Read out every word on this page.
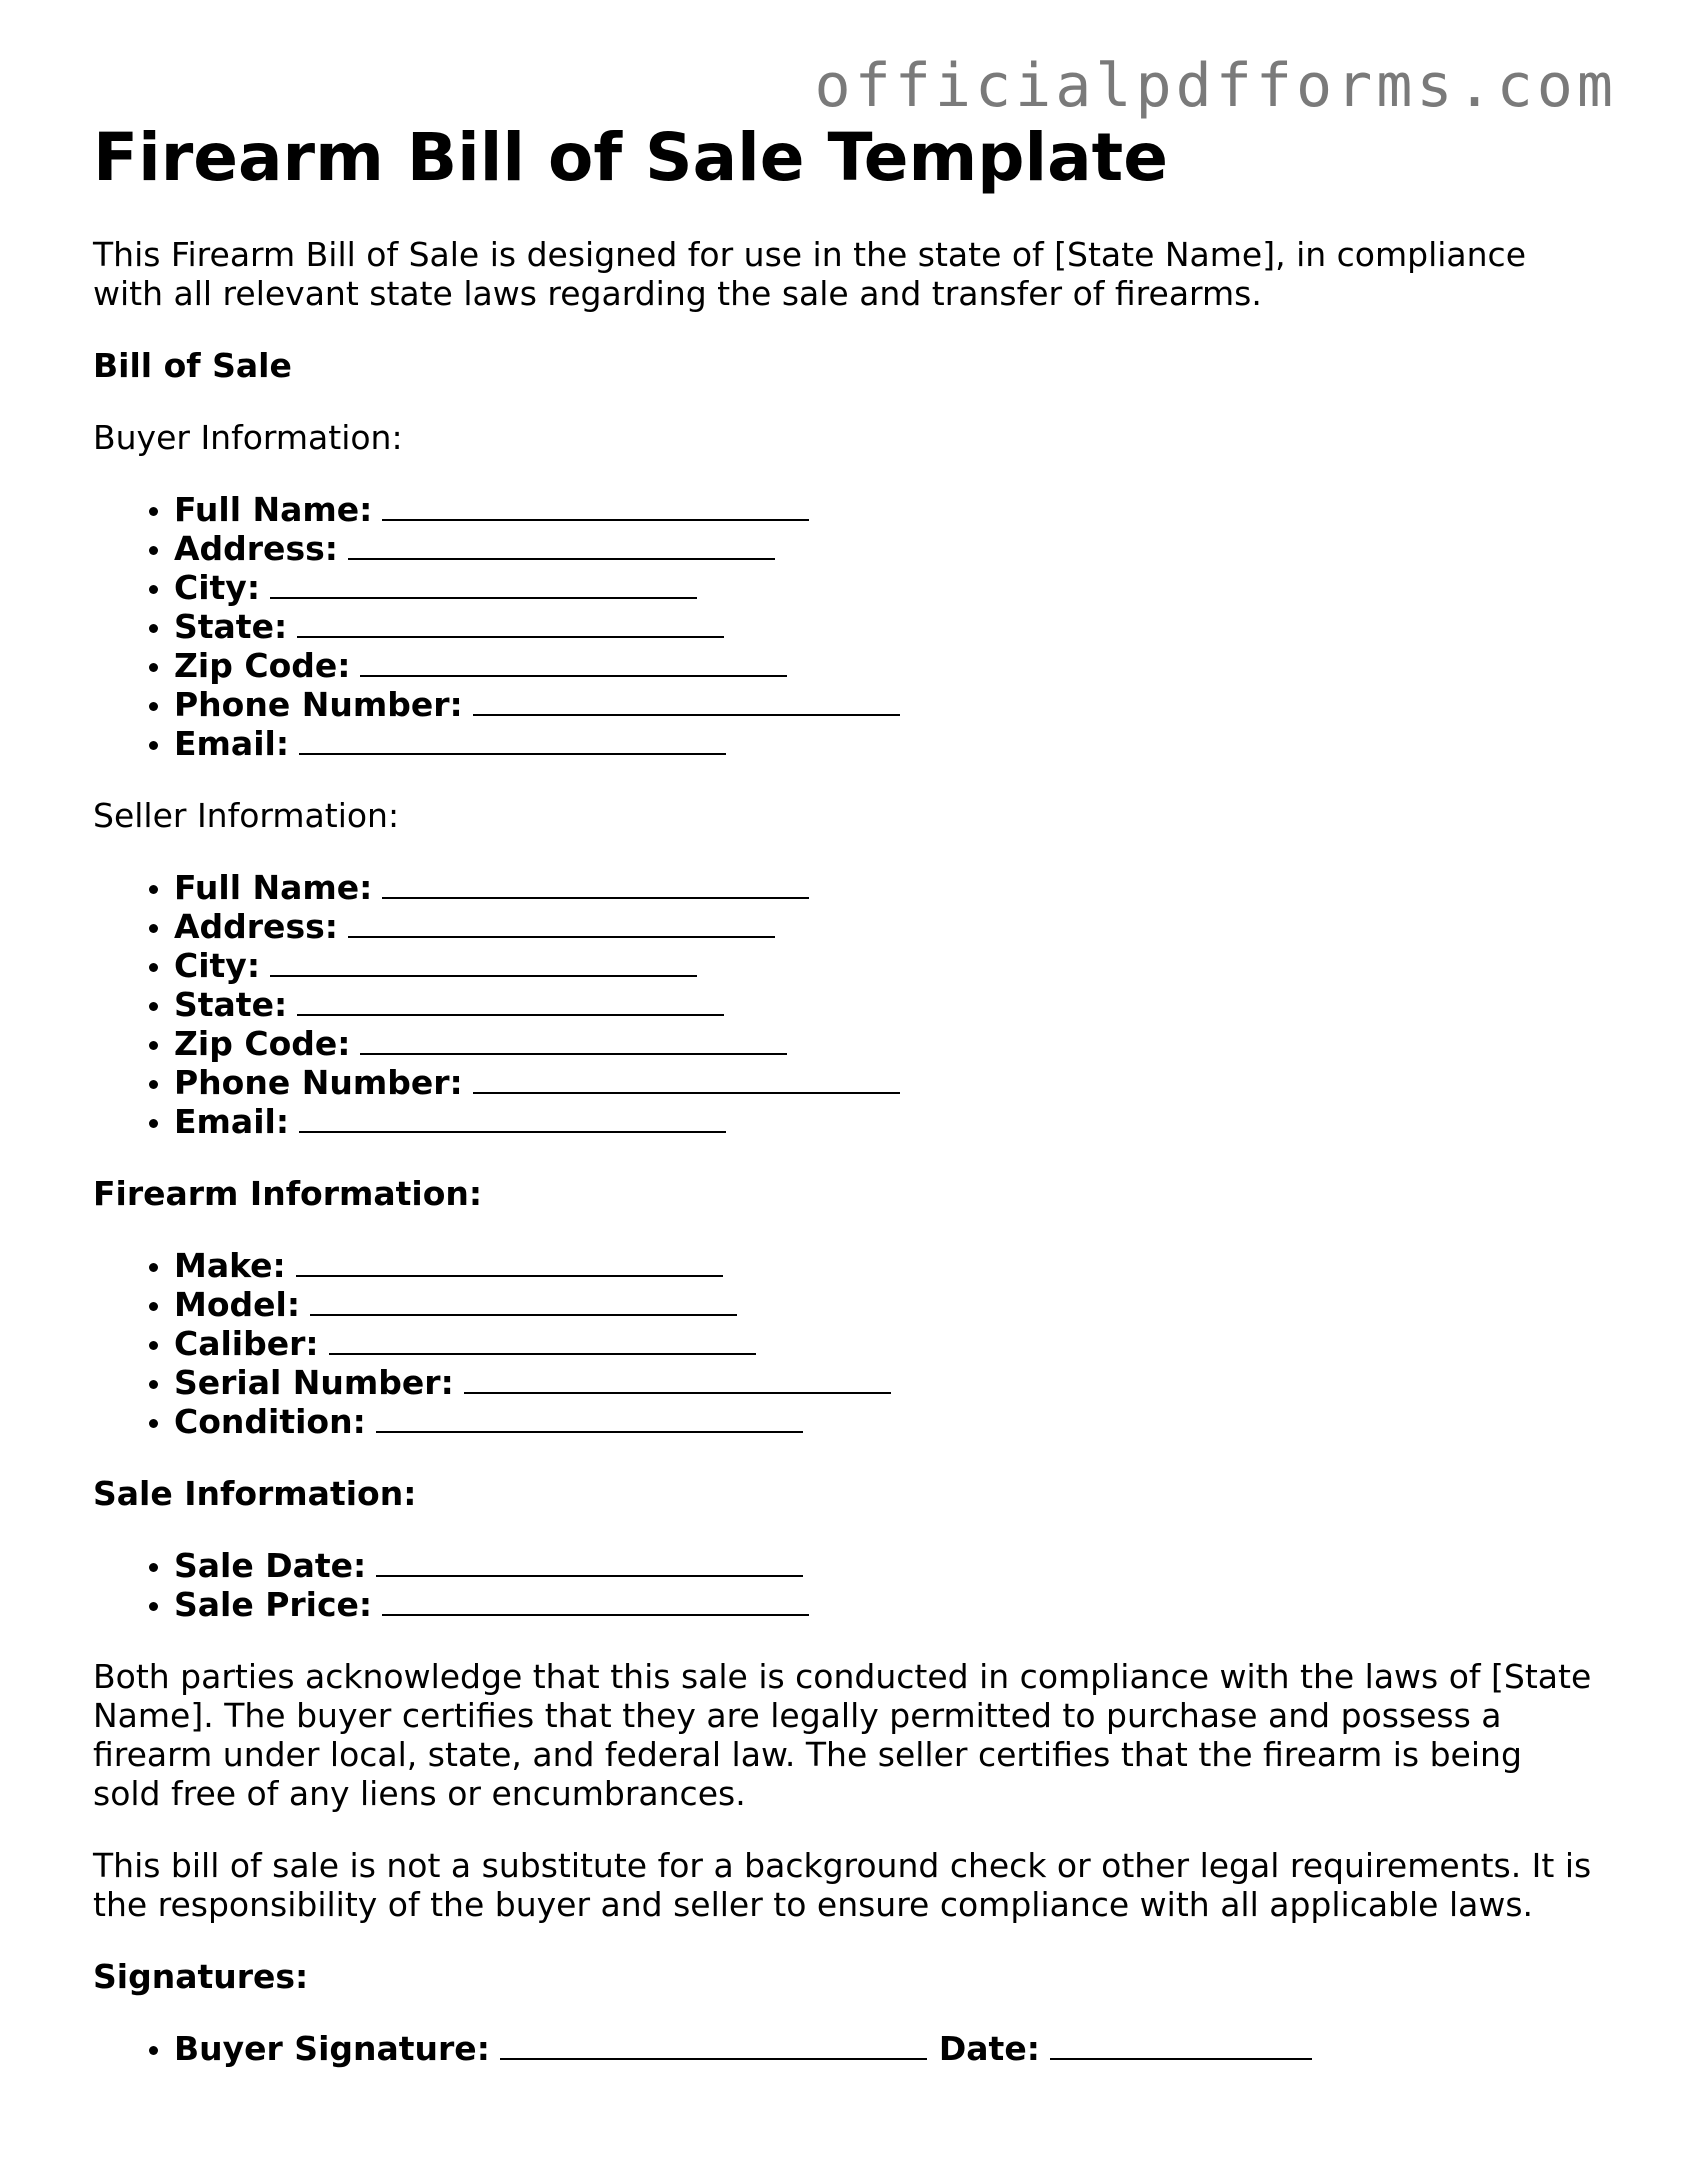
officialpdfforms.com
Firearm Bill of Sale Template

This Firearm Bill of Sale is designed for use in the state of [State Name], in compliance with all relevant state laws regarding the sale and transfer of firearms.

Bill of Sale
Buyer Information:
• Full Name:
• Address:
• City:
• State:
• Zip Code:
• Phone Number:
• Email:
Seller Information:
• Full Name:
• Address:
• City:
• State:
• Zip Code:
• Phone Number:
• Email:
Firearm Information:
• Make:
• Model:
• Caliber:
• Serial Number:
• Condition:
Sale Information:
• Sale Date:
• Sale Price:

Both parties acknowledge that this sale is conducted in compliance with the laws of [State Name]. The buyer certifies that they are legally permitted to purchase and possess a firearm under local, state, and federal law. The seller certifies that the firearm is being sold free of any liens or encumbrances.

This bill of sale is not a substitute for a background check or other legal requirements. It is the responsibility of the buyer and seller to ensure compliance with all applicable laws.

Signatures:
• Buyer Signature:	Date:
